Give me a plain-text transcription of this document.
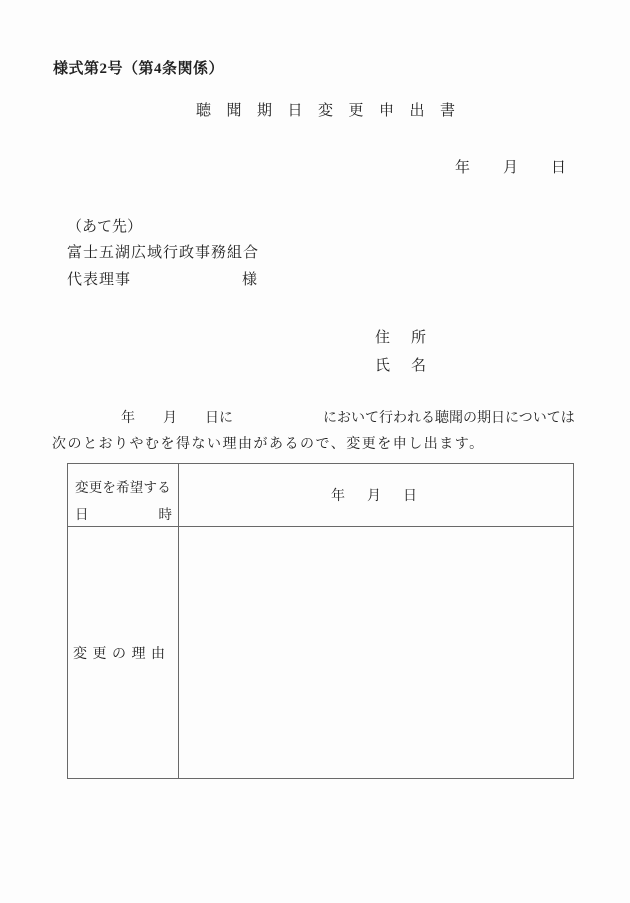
様式第2号（第4条関係）
聴聞期日変更申出書
年　　月　　日
（あて先）
富士五湖広域行政事務組合
代表理事	様
住　所
氏　名
年　　月　　日に	において行われる聴聞の期日については
次のとおりやむを得ない理由があるので、変更を申し出ます。
変更を希望する
日	時
年　月　日
変更の理由
